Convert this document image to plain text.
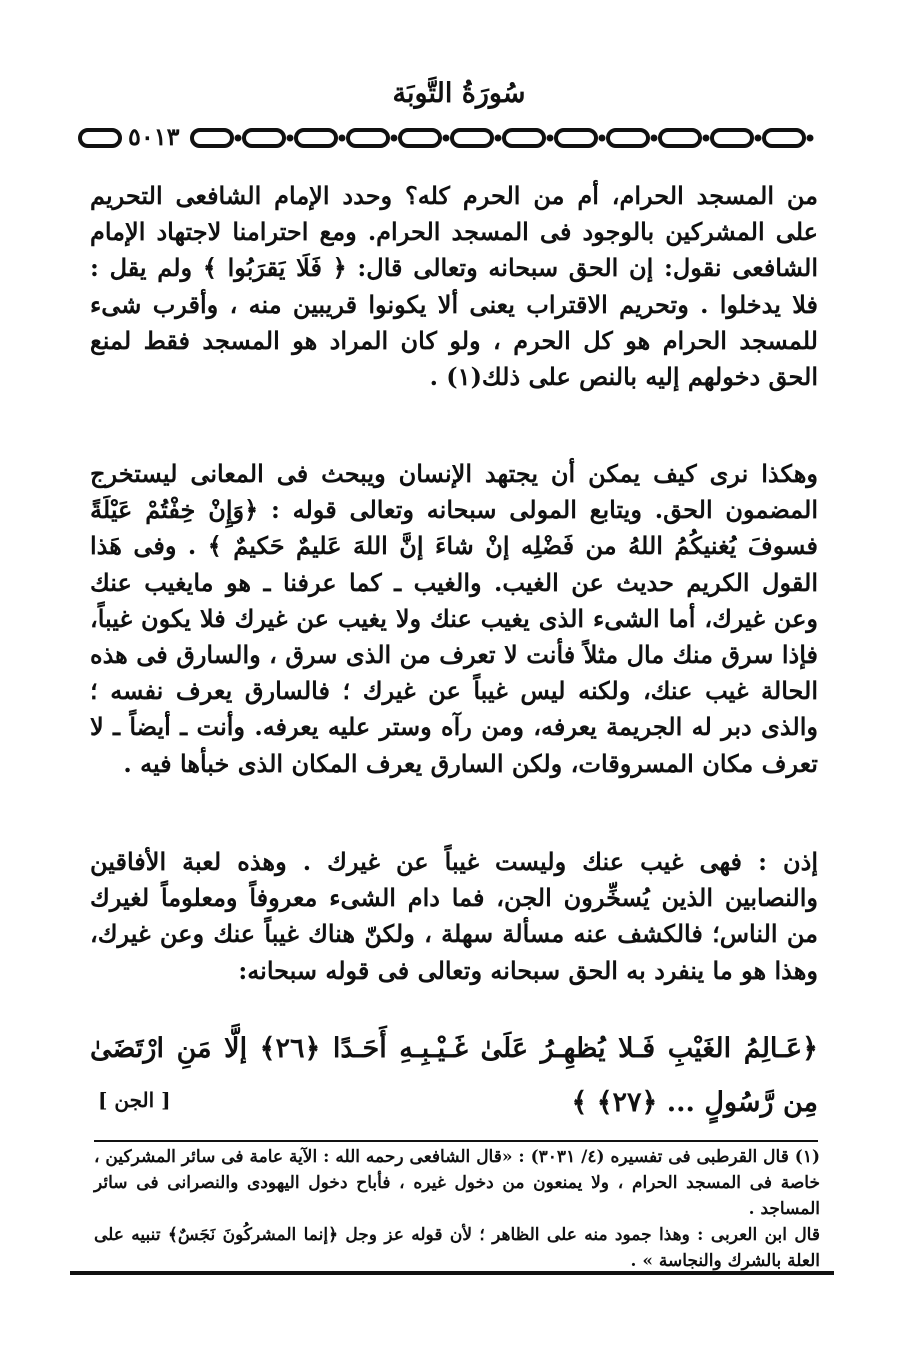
سُورَةُ التَّوبَة
٥٠١٣

من المسجد الحرام، أم من الحرم كله؟ وحدد الإمام الشافعى التحريم على المشركين بالوجود فى المسجد الحرام. ومع احترامنا لاجتهاد الإمام الشافعى نقول: إن الحق سبحانه وتعالى قال: ﴿ فَلَا يَقرَبُوا ﴾ ولم يقل : فلا يدخلوا . وتحريم الاقتراب يعنى ألا يكونوا قريبين منه ، وأقرب شىء للمسجد الحرام هو كل الحرم ، ولو كان المراد هو المسجد فقط لمنع الحق دخولهم إليه بالنص على ذلك(١) .

وهكذا نرى كيف يمكن أن يجتهد الإنسان ويبحث فى المعانى ليستخرج المضمون الحق. ويتابع المولى سبحانه وتعالى قوله : ﴿وَإِنْ خِفْتُمْ عَيْلَةً فسوفَ يُغنيكُمُ اللهُ من فَضْلِه إنْ شاءَ إنَّ اللهَ عَليمٌ حَكيمٌ ﴾ . وفى هَذا القول الكريم حديث عن الغيب. والغيب ـ كما عرفنا ـ هو مايغيب عنك وعن غيرك، أما الشىء الذى يغيب عنك ولا يغيب عن غيرك فلا يكون غيباً، فإذا سرق منك مال مثلاً فأنت لا تعرف من الذى سرق ، والسارق فى هذه الحالة غيب عنك، ولكنه ليس غيباً عن غيرك ؛ فالسارق يعرف نفسه ؛ والذى دبر له الجريمة يعرفه، ومن رآه وستر عليه يعرفه. وأنت ـ أيضاً ـ لا تعرف مكان المسروقات، ولكن السارق يعرف المكان الذى خبأها فيه .

إذن : فهى غيب عنك وليست غيباً عن غيرك . وهذه لعبة الأفاقين والنصابين الذين يُسخِّرون الجن، فما دام الشىء معروفاً ومعلوماً لغيرك من الناس؛ فالكشف عنه مسألة سهلة ، ولكنّ هناك غيباً عنك وعن غيرك، وهذا هو ما ينفرد به الحق سبحانه وتعالى فى قوله سبحانه:

﴿عَـالِمُ الغَيْبِ فَـلا يُظهِـرُ عَلَىٰ غَـيْـبِـهِ أَحَـدًا ﴿٢٦﴾ إلَّا مَنِ ارْتَضَىٰ مِن رَّسُولٍ ... ﴿٢٧﴾ ﴾
[ الجن ]

(١) قال القرطبى فى تفسيره (٤/ ٣٠٣١) : «قال الشافعى رحمه الله : الآية عامة فى سائر المشركين ، خاصة فى المسجد الحرام ، ولا يمنعون من دخول غيره ، فأباح دخول اليهودى والنصرانى فى سائر المساجد .

قال ابن العربى : وهذا جمود منه على الظاهر ؛ لأن قوله عز وجل ﴿إنما المشركُونَ نَجَسٌ﴾ تنبيه على العلة بالشرك والنجاسة » .
